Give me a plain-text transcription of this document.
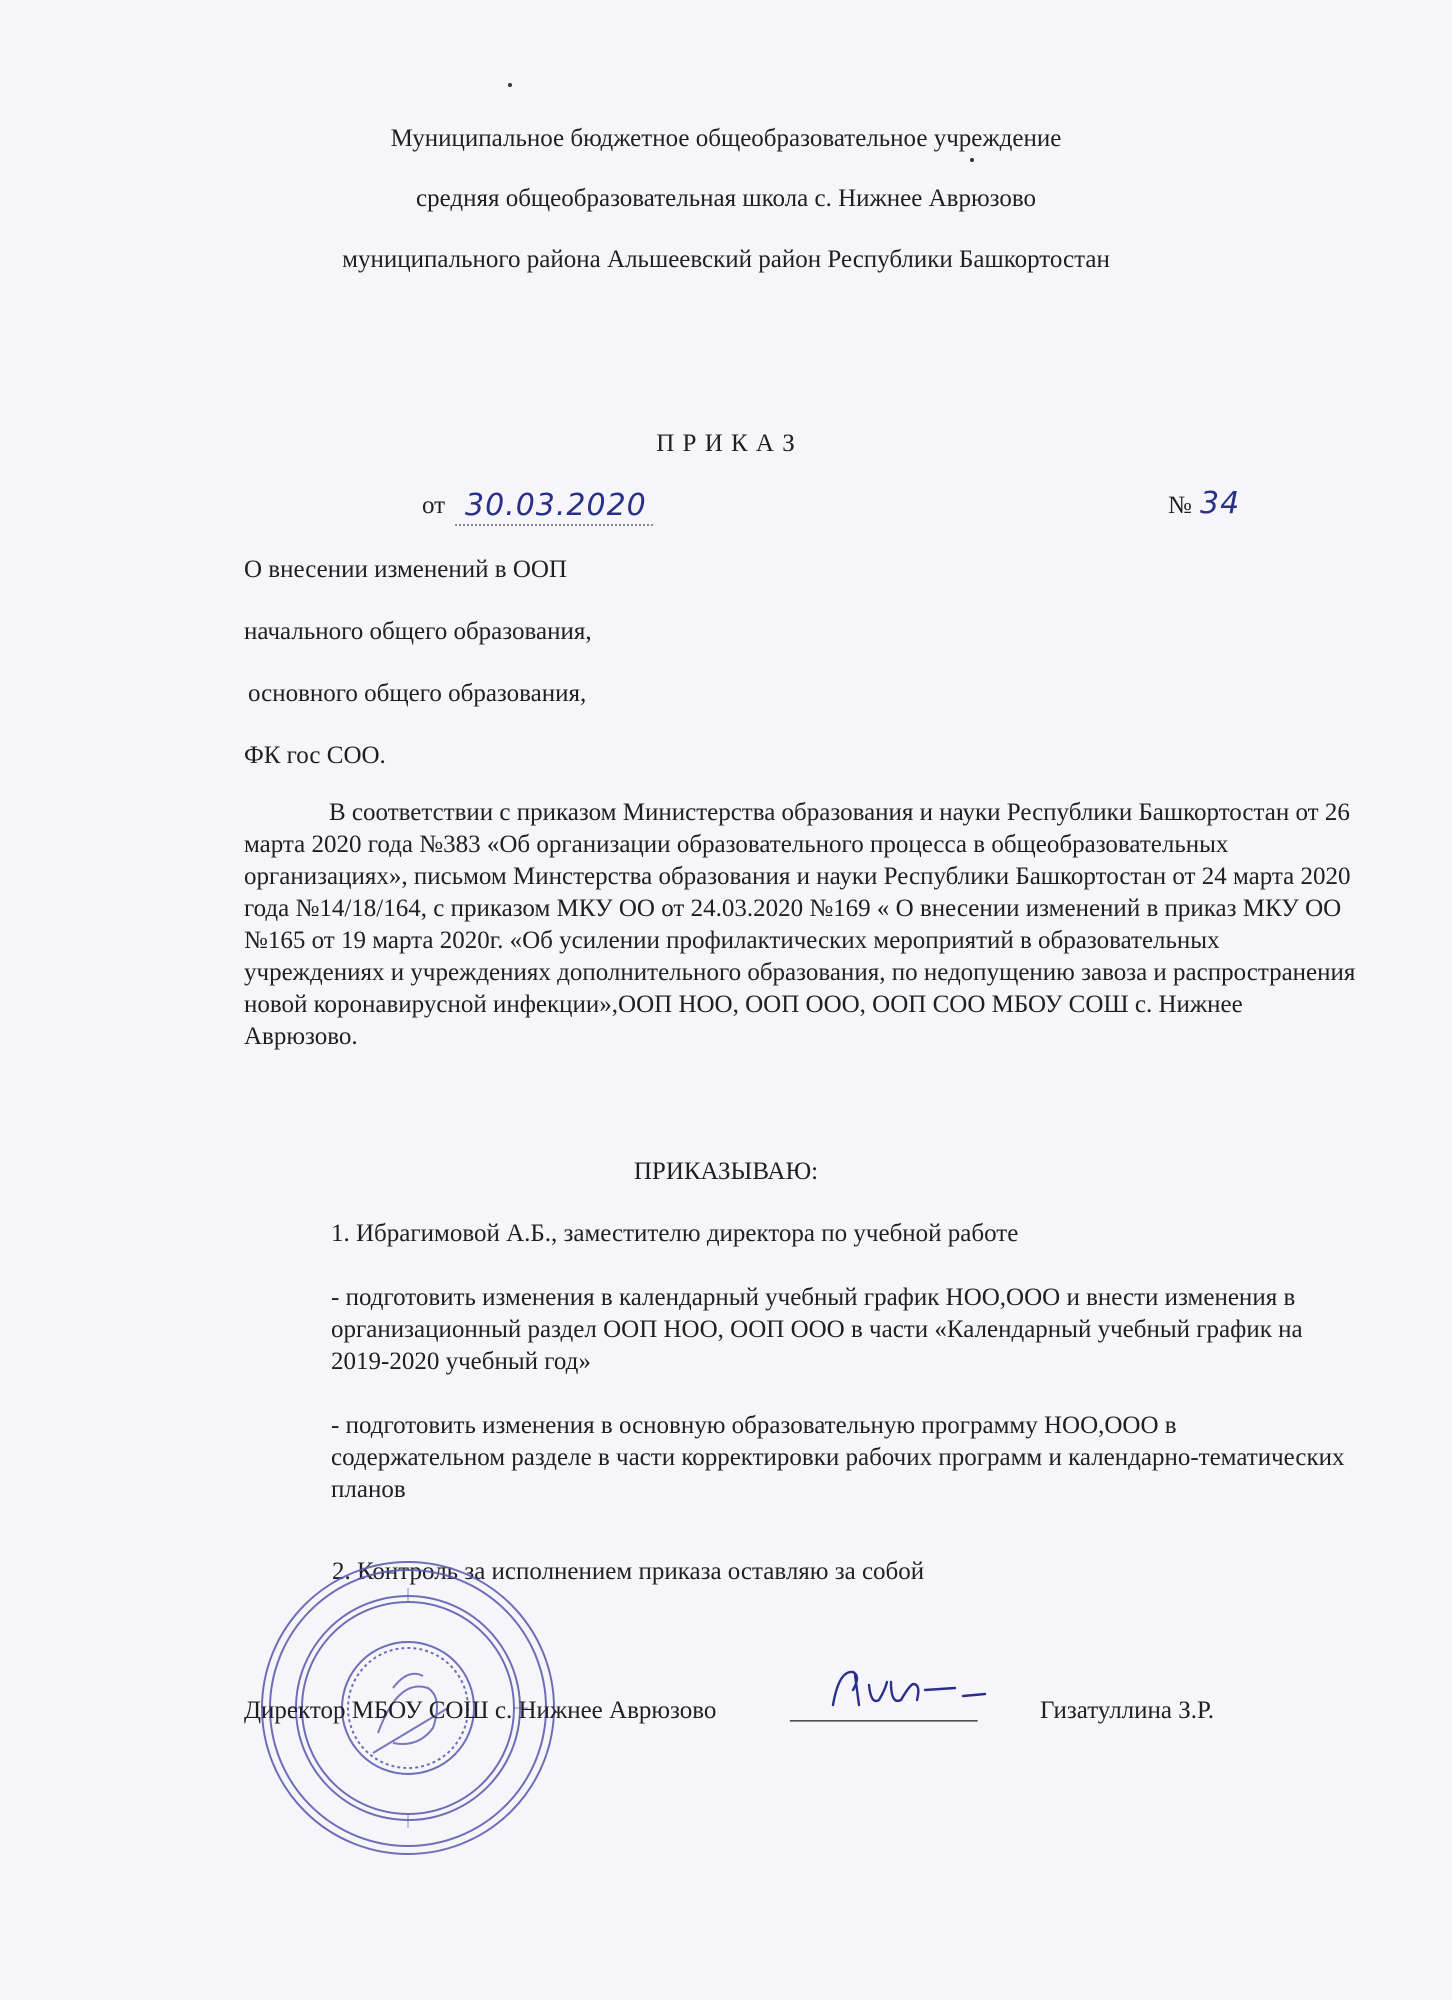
Муниципальное бюджетное общеобразовательное учреждение
средняя общеобразовательная школа с. Нижнее Аврюзово
муниципального района Альшеевский район Республики Башкортостан
П Р И К А З
от 30.03.2020	№ 34
О внесении изменений в ООП
начального общего образования,
основного общего образования,
ФК гос СОО.
В соответствии с приказом Министерства образования и науки Республики Башкортостан от 26 марта 2020 года №383 «Об организации образовательного процесса в общеобразовательных организациях», письмом Минстерства образования и науки Республики Башкортостан от 24 марта 2020 года №14/18/164, с приказом МКУ ОО от 24.03.2020 №169 « О внесении изменений в приказ МКУ ОО №165 от 19 марта 2020г. «Об усилении профилактических мероприятий в образовательных учреждениях и учреждениях дополнительного образования, по недопущению завоза и распространения новой коронавирусной инфекции»,ООП НОО, ООП ООО, ООП СОО МБОУ СОШ с. Нижнее Аврюзово.
ПРИКАЗЫВАЮ:
1. Ибрагимовой А.Б., заместителю директора по учебной работе
- подготовить изменения в календарный учебный график НОО,ООО и внести изменения в организационный раздел ООП НОО, ООП ООО в части «Календарный учебный график на 2019-2020 учебный год»
- подготовить изменения в основную образовательную программу НОО,ООО в содержательном разделе в части корректировки рабочих программ и календарно-тематических планов
2. Контроль за исполнением приказа оставляю за собой
Директор МБОУ СОШ с. Нижнее Аврюзово	_______________	Гизатуллина З.Р.
